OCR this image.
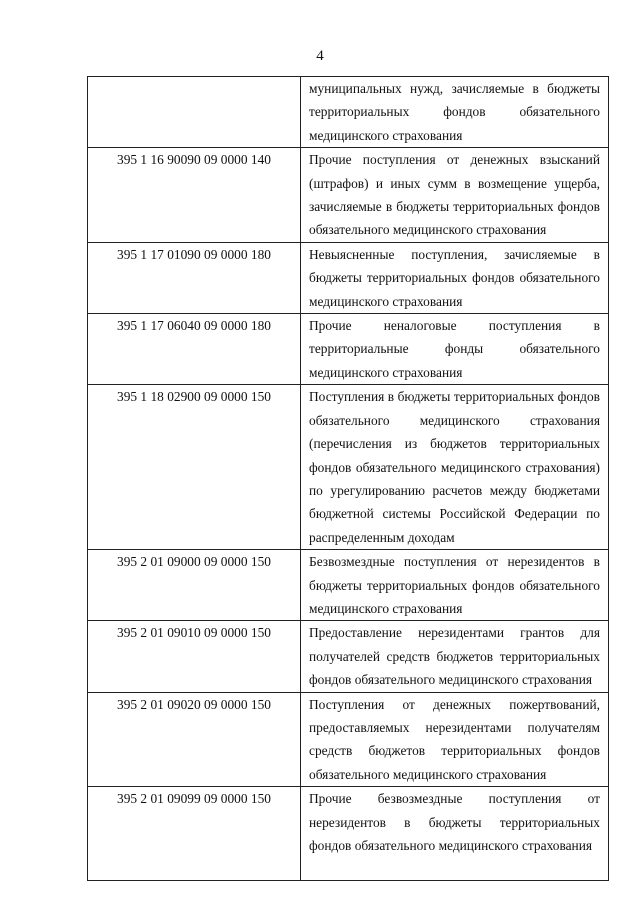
4

	муниципальных нужд, зачисляемые в бюджеты территориальных фондов обязательного медицинского страхования

395 1 16 90090 09 0000 140	Прочие поступления от денежных взысканий (штрафов) и иных сумм в возмещение ущерба, зачисляемые в бюджеты территориальных фондов обязательного медицинского страхования

395 1 17 01090 09 0000 180	Невыясненные поступления, зачисляемые в бюджеты территориальных фондов обязательного медицинского страхования

395 1 17 06040 09 0000 180	Прочие неналоговые поступления в территориальные фонды обязательного медицинского страхования

395 1 18 02900 09 0000 150	Поступления в бюджеты территориальных фондов обязательного медицинского страхования (перечисления из бюджетов территориальных фондов обязательного медицинского страхования) по урегулированию расчетов между бюджетами бюджетной системы Российской Федерации по распределенным доходам

395 2 01 09000 09 0000 150	Безвозмездные поступления от нерезидентов в бюджеты территориальных фондов обязательного медицинского страхования

395 2 01 09010 09 0000 150	Предоставление нерезидентами грантов для получателей средств бюджетов территориальных фондов обязательного медицинского страхования

395 2 01 09020 09 0000 150	Поступления от денежных пожертвований, предоставляемых нерезидентами получателям средств бюджетов территориальных фондов обязательного медицинского страхования

395 2 01 09099 09 0000 150	Прочие безвозмездные поступления от нерезидентов в бюджеты территориальных фондов обязательного медицинского страхования
